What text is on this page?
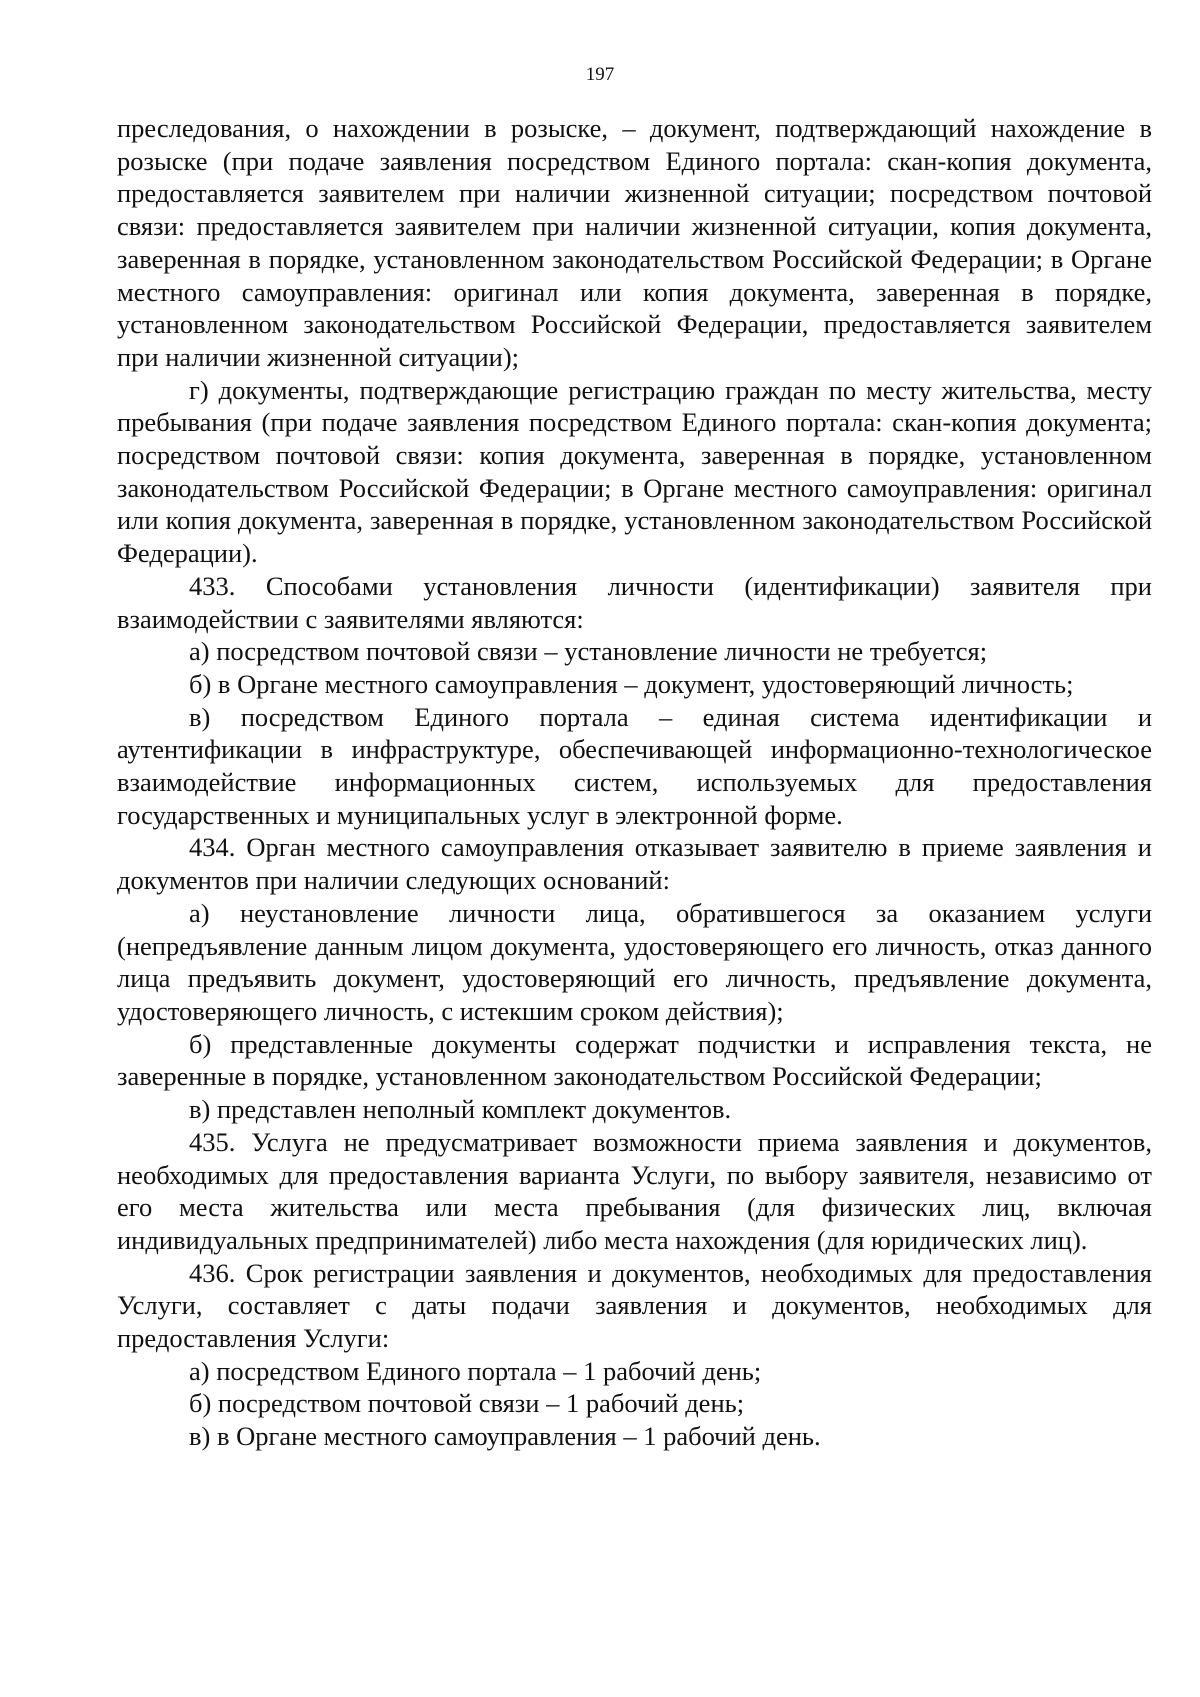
197

преследования, о нахождении в розыске, – документ, подтверждающий нахождение в розыске (при подаче заявления посредством Единого портала: скан-копия документа, предоставляется заявителем при наличии жизненной ситуации; посредством почтовой связи: предоставляется заявителем при наличии жизненной ситуации, копия документа, заверенная в порядке, установленном законодательством Российской Федерации; в Органе местного самоуправления: оригинал или копия документа, заверенная в порядке, установленном законодательством Российской Федерации, предоставляется заявителем при наличии жизненной ситуации);

г) документы, подтверждающие регистрацию граждан по месту жительства, месту пребывания (при подаче заявления посредством Единого портала: скан-копия документа; посредством почтовой связи: копия документа, заверенная в порядке, установленном законодательством Российской Федерации; в Органе местного самоуправления: оригинал или копия документа, заверенная в порядке, установленном законодательством Российской Федерации).

433. Способами установления личности (идентификации) заявителя при взаимодействии с заявителями являются:

а) посредством почтовой связи – установление личности не требуется;

б) в Органе местного самоуправления – документ, удостоверяющий личность;

в) посредством Единого портала – единая система идентификации и аутентификации в инфраструктуре, обеспечивающей информационно-технологическое взаимодействие информационных систем, используемых для предоставления государственных и муниципальных услуг в электронной форме.

434. Орган местного самоуправления отказывает заявителю в приеме заявления и документов при наличии следующих оснований:

а) неустановление личности лица, обратившегося за оказанием услуги (непредъявление данным лицом документа, удостоверяющего его личность, отказ данного лица предъявить документ, удостоверяющий его личность, предъявление документа, удостоверяющего личность, с истекшим сроком действия);

б) представленные документы содержат подчистки и исправления текста, не заверенные в порядке, установленном законодательством Российской Федерации;

в) представлен неполный комплект документов.

435. Услуга не предусматривает возможности приема заявления и документов, необходимых для предоставления варианта Услуги, по выбору заявителя, независимо от его места жительства или места пребывания (для физических лиц, включая индивидуальных предпринимателей) либо места нахождения (для юридических лиц).

436. Срок регистрации заявления и документов, необходимых для предоставления Услуги, составляет с даты подачи заявления и документов, необходимых для предоставления Услуги:

а) посредством Единого портала – 1 рабочий день;

б) посредством почтовой связи – 1 рабочий день;

в) в Органе местного самоуправления – 1 рабочий день.
